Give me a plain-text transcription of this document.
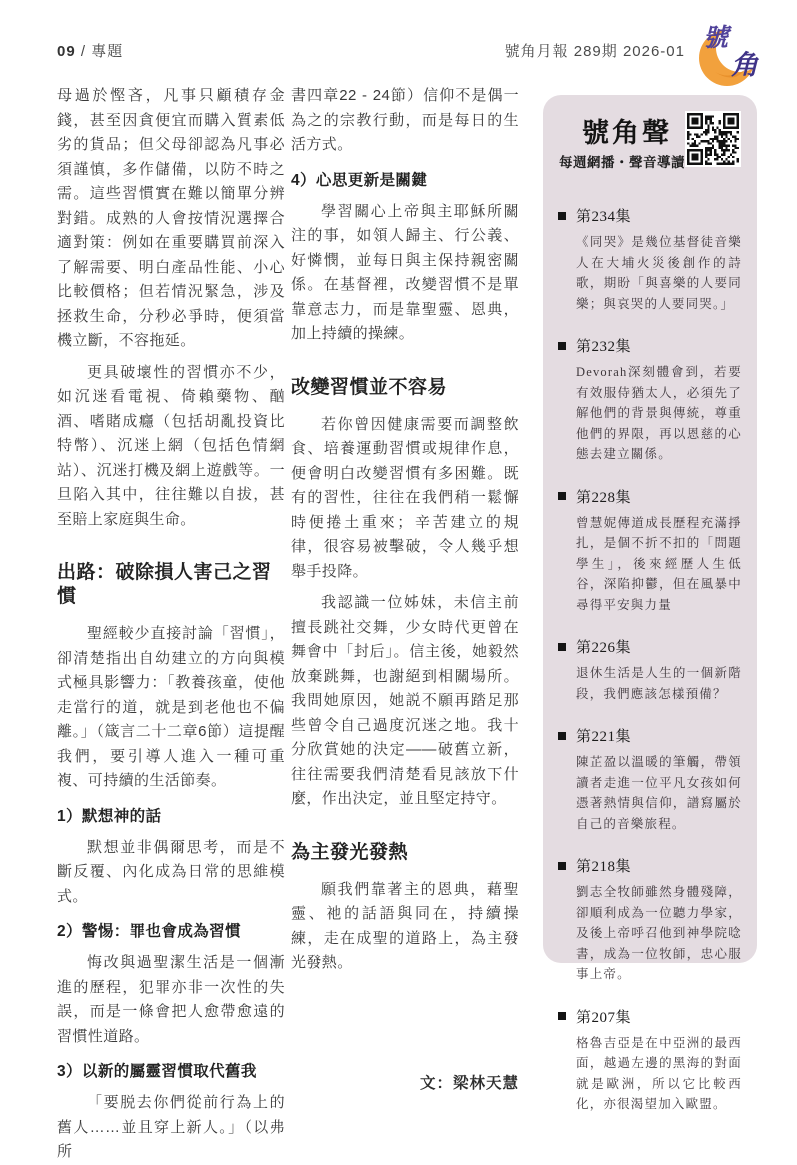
09 / 專題	號角月報 289期 2026-01 號
角

母過於慳吝，凡事只顧積存金錢，甚至因貪便宜而購入質素低劣的貨品；但父母卻認為凡事必須謹慎，多作儲備，以防不時之需。這些習慣實在難以簡單分辨對錯。成熟的人會按情況選擇合適對策：例如在重要購買前深入了解需要、明白產品性能、小心比較價格；但若情況緊急，涉及拯救生命，分秒必爭時，便須當機立斷，不容拖延。

更具破壞性的習慣亦不少，如沉迷看電視、倚賴藥物、酗酒、嗜賭成癮（包括胡亂投資比特幣）、沉迷上網（包括色情網站）、沉迷打機及網上遊戲等。一旦陷入其中，往往難以自拔，甚至賠上家庭與生命。

出路：破除損人害己之習慣

聖經較少直接討論「習慣」，卻清楚指出自幼建立的方向與模式極具影響力：「教養孩童，使他走當行的道，就是到老他也不偏離。」（箴言二十二章6節）這提醒我們，要引導人進入一種可重複、可持續的生活節奏。

1）默想神的話

默想並非偶爾思考，而是不斷反覆、內化成為日常的思維模式。

2）警惕：罪也會成為習慣

悔改與過聖潔生活是一個漸進的歷程，犯罪亦非一次性的失誤，而是一條會把人愈帶愈遠的習慣性道路。

3）以新的屬靈習慣取代舊我

「要脱去你們從前行為上的舊人……並且穿上新人。」（以弗所

書四章22 - 24節）信仰不是偶一為之的宗教行動，而是每日的生活方式。

4）心思更新是關鍵

學習關心上帝與主耶穌所關注的事，如領人歸主、行公義、好憐憫，並每日與主保持親密關係。在基督裡，改變習慣不是單靠意志力，而是靠聖靈、恩典，加上持續的操練。

改變習慣並不容易

若你曾因健康需要而調整飲食、培養運動習慣或規律作息，便會明白改變習慣有多困難。既有的習性，往往在我們稍一鬆懈時便捲土重來；辛苦建立的規律，很容易被擊破，令人幾乎想舉手投降。

我認識一位姊妹，未信主前擅長跳社交舞，少女時代更曾在舞會中「封后」。信主後，她毅然放棄跳舞，也謝絕到相關場所。我問她原因，她説不願再踏足那些曾令自己過度沉迷之地。我十分欣賞她的決定——破舊立新，往往需要我們清楚看見該放下什麼，作出決定，並且堅定持守。

為主發光發熱

願我們靠著主的恩典，藉聖靈、祂的話語與同在，持續操練，走在成聖的道路上，為主發光發熱。

文：梁林天慧
號角聲
每週網播・聲音導讀
第234集
《同哭》是幾位基督徒音樂人在大埔火災後創作的詩歌，期盼「與喜樂的人要同樂；與哀哭的人要同哭。」
第232集
Devorah深刻體會到，若要有效服侍猶太人，必須先了解他們的背景與傳統，尊重他們的界限，再以恩慈的心態去建立關係。
第228集
曾慧妮傳道成長歷程充滿掙扎，是個不折不扣的「問題學生」，後來經歷人生低谷，深陷抑鬱，但在風暴中尋得平安與力量
第226集
退休生活是人生的一個新階段，我們應該怎樣預備？
第221集
陳芷盈以溫暖的筆觸，帶領讀者走進一位平凡女孩如何憑著熱情與信仰，譜寫屬於自己的音樂旅程。
第218集
劉志全牧師雖然身體殘障，卻順利成為一位聽力學家，及後上帝呼召他到神學院唸書，成為一位牧師，忠心服事上帝。
第207集
格魯吉亞是在中亞洲的最西面，越過左邊的黑海的對面就是歐洲，所以它比較西化，亦很渴望加入歐盟。
